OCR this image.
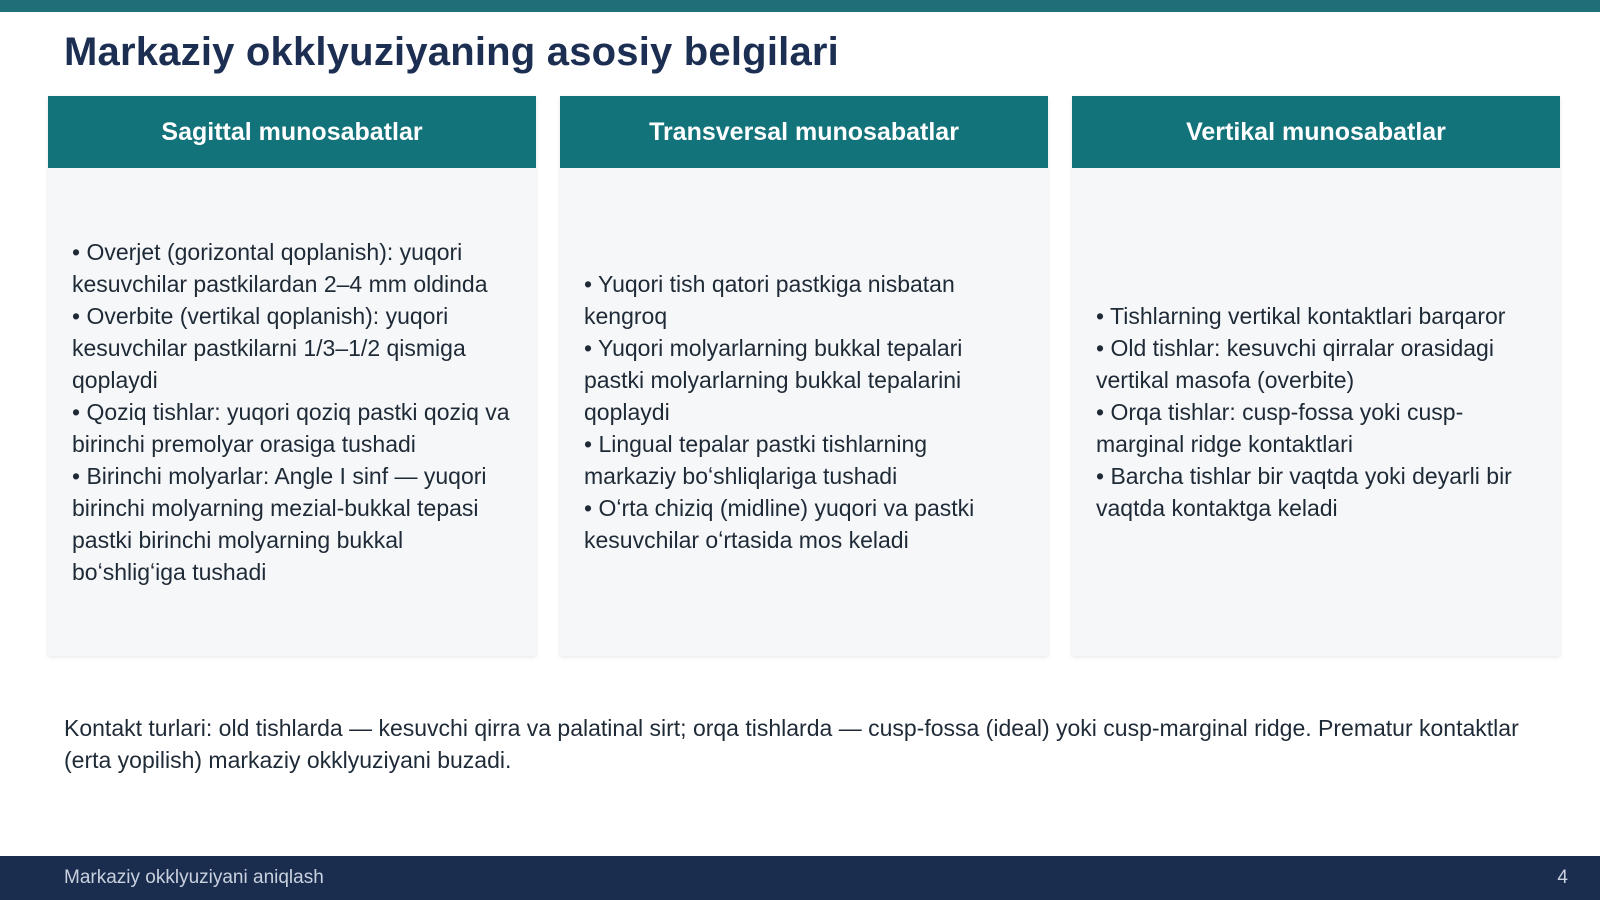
Markaziy okklyuziyaning asosiy belgilari
Sagittal munosabatlar

• Overjet (gorizontal qoplanish): yuqori kesuvchilar pastkilardan 2–4 mm oldinda

• Overbite (vertikal qoplanish): yuqori kesuvchilar pastkilarni 1/3–1/2 qismiga qoplaydi

• Qoziq tishlar: yuqori qoziq pastki qoziq va birinchi premolyar orasiga tushadi

• Birinchi molyarlar: Angle I sinf — yuqori birinchi molyarning mezial-bukkal tepasi pastki birinchi molyarning bukkal boʻshligʻiga tushadi

Transversal munosabatlar

• Yuqori tish qatori pastkiga nisbatan kengroq

• Yuqori molyarlarning bukkal tepalari pastki molyarlarning bukkal tepalarini qoplaydi

• Lingual tepalar pastki tishlarning markaziy boʻshliqlariga tushadi

• Oʻrta chiziq (midline) yuqori va pastki kesuvchilar oʻrtasida mos keladi

Vertikal munosabatlar

• Tishlarning vertikal kontaktlari barqaror

• Old tishlar: kesuvchi qirralar orasidagi vertikal masofa (overbite)

• Orqa tishlar: cusp-fossa yoki cusp-marginal ridge kontaktlari

• Barcha tishlar bir vaqtda yoki deyarli bir vaqtda kontaktga keladi

Kontakt turlari: old tishlarda — kesuvchi qirra va palatinal sirt; orqa tishlarda — cusp-fossa (ideal) yoki cusp-marginal ridge. Prematur kontaktlar (erta yopilish) markaziy okklyuziyani buzadi.

Markaziy okklyuziyani aniqlash	4
